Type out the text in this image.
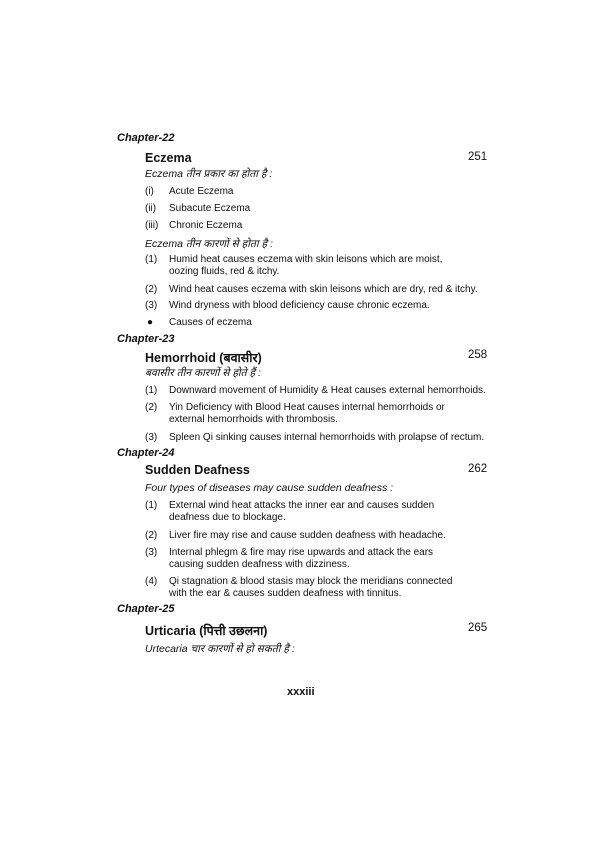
Chapter-22
Eczema	251
Eczema तीन प्रकार का होता है :
(i)	Acute Eczema
(ii)	Subacute Eczema
(iii)	Chronic Eczema
Eczema तीन कारणों से होता है :
(1)	Humid heat causes eczema with skin leisons which are moist, oozing fluids, red & itchy.
(2)	Wind heat causes eczema with skin leisons which are dry, red & itchy.
(3)	Wind dryness with blood deficiency cause chronic eczema.
● Causes of eczema
Chapter-23
Hemorrhoid (बवासीर)	258
बवासीर तीन कारणों से होते हैं :
(1)	Downward movement of Humidity & Heat causes external hemorrhoids.
(2)	Yin Deficiency with Blood Heat causes internal hemorrhoids or external hemorrhoids with thrombosis.
(3)	Spleen Qi sinking causes internal hemorrhoids with prolapse of rectum.
Chapter-24
Sudden Deafness	262
Four types of diseases may cause sudden deafness :
(1)	External wind heat attacks the inner ear and causes sudden deafness due to blockage.
(2)	Liver fire may rise and cause sudden deafness with headache.
(3)	Internal phlegm & fire may rise upwards and attack the ears causing sudden deafness with dizziness.
(4)	Qi stagnation & blood stasis may block the meridians connected with the ear & causes sudden deafness with tinnitus.
Chapter-25
Urticaria (पित्ती उछलना)	265
Urtecaria चार कारणों से हो सकती है :
xxxiii
